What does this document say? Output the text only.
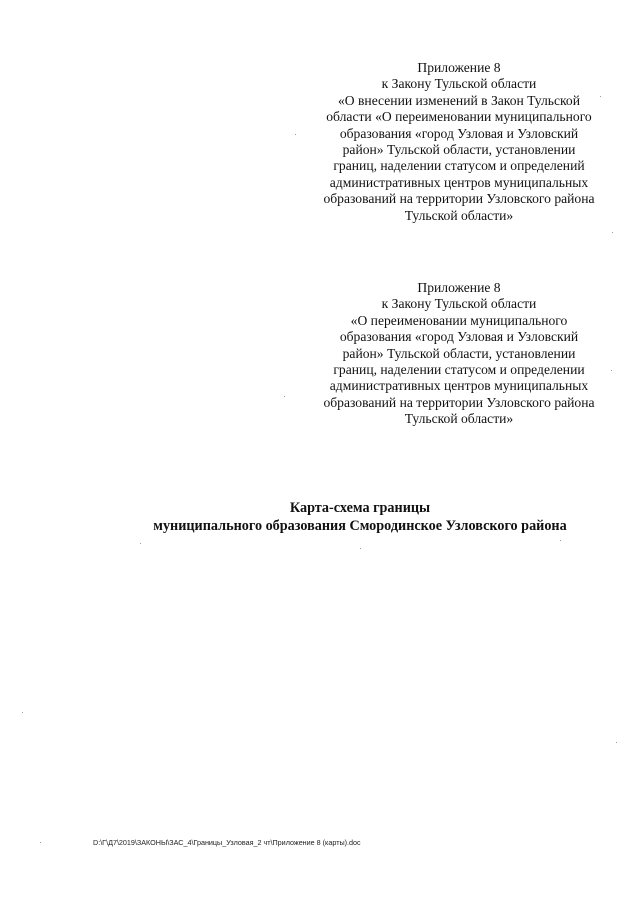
Приложение 8
к Закону Тульской области
«О внесении изменений в Закон Тульской
области «О переименовании муниципального
образования «город Узловая и Узловский
район» Тульской области, установлении
границ, наделении статусом и определений
административных центров муниципальных
образований на территории Узловского района
Тульской области»
Приложение 8
к Закону Тульской области
«О переименовании муниципального
образования «город Узловая и Узловский
район» Тульской области, установлении
границ, наделении статусом и определении
административных центров муниципальных
образований на территории Узловского района
Тульской области»
Карта-схема границы
муниципального образования Смородинское Узловского района
D:\Г\Д7\2019\ЗАКОНЫ\ЗАС_4\Границы_Узловая_2 чт\Приложение 8 (карты).doc
